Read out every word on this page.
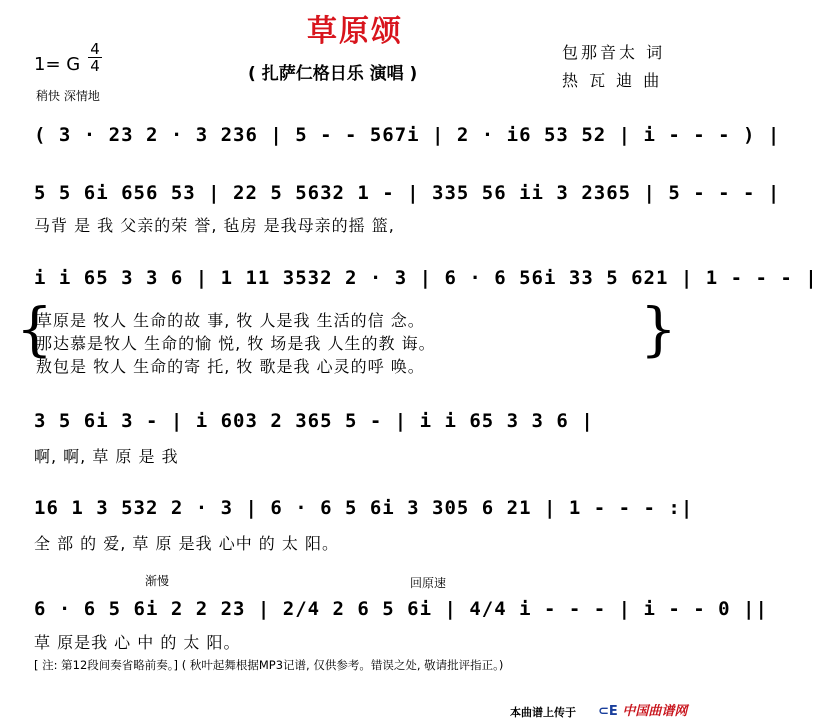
草原颂
1= G
4
4
稍快 深情地
( 扎萨仁格日乐 演唱 )
包那音太 词
热 瓦 迪 曲
( 3 · 23 2 · 3 236 | 5 - - 567i | 2 · i6 53 52 | i - - - ) |
5 5 6i 656 53 | 22 5 5632 1 - | 335 56 ii 3 2365 | 5 - - - |
马背 是 我 父亲的荣 誉, 毡房 是我母亲的摇 篮,
i i 65 3 3 6 | 1 11 3532 2 · 3 | 6 · 6 56i 33 5 621 | 1 - - - |
{
草原是 牧人 生命的故 事, 牧 人是我 生活的信 念。
那达慕是牧人 生命的愉 悦, 牧 场是我 人生的教 诲。
敖包是 牧人 生命的寄 托, 牧 歌是我 心灵的呼 唤。
}
3 5 6i 3 - | i 603 2 365 5 - | i i 65 3 3 6 |
啊, 啊, 草 原 是 我
16 1 3 532 2 · 3 | 6 · 6 5 6i 3 305 6 21 | 1 - - - :|
全 部 的 爱, 草 原 是我 心中 的 太 阳。
渐慢	回原速
6 · 6 5 6i 2 2 23 | 2/4 2 6 5 6i | 4/4 i - - - | i - - 0 ||
草 原是我 心 中 的 太 阳。
[ 注: 第12段间奏省略前奏。] ( 秋叶起舞根据MP3记谱, 仅供参考。错误之处, 敬请批评指正。)
本曲谱上传于 ⊂E 中国曲谱网
